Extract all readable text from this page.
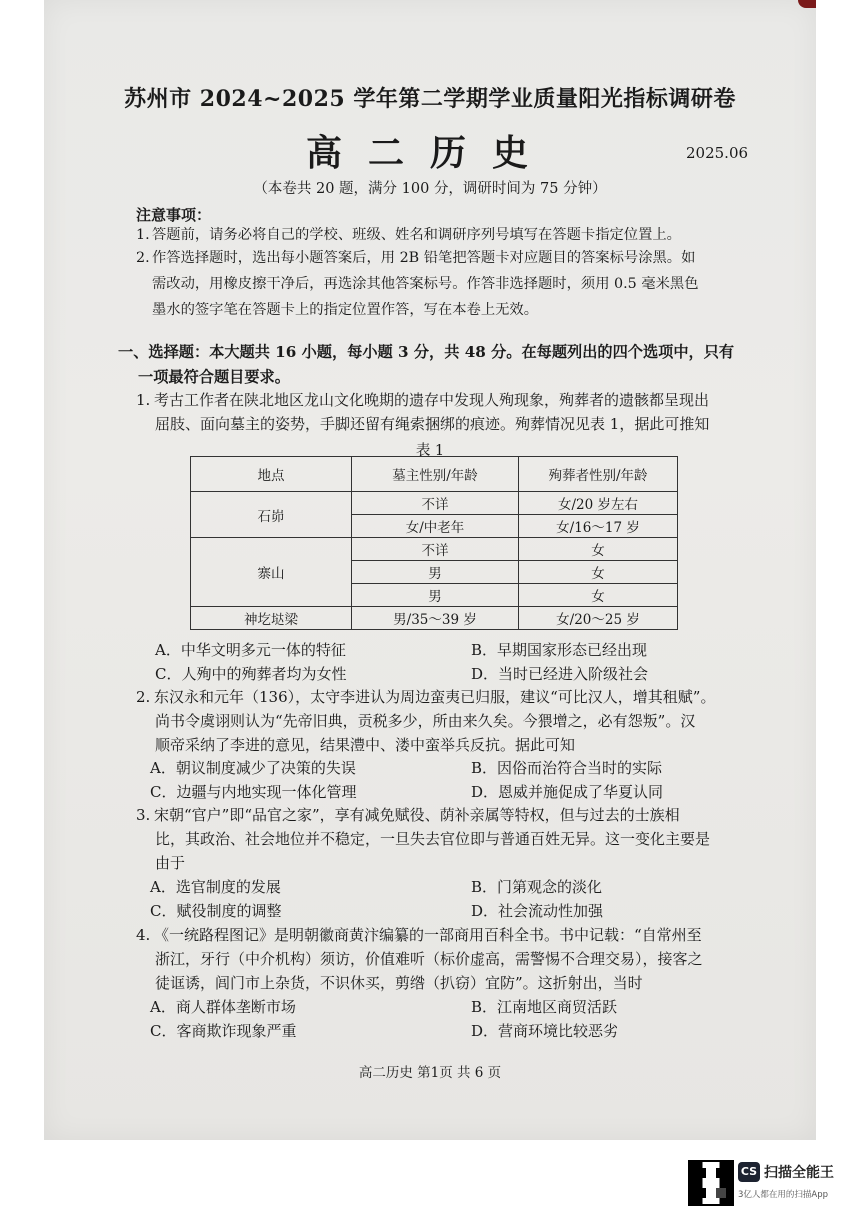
苏州市 2024~2025 学年第二学期学业质量阳光指标调研卷
高二历史	2025.06
（本卷共 20 题，满分 100 分，调研时间为 75 分钟）
注意事项：
1. 答题前，请务必将自己的学校、班级、姓名和调研序列号填写在答题卡指定位置上。
2. 作答选择题时，选出每小题答案后，用 2B 铅笔把答题卡对应题目的答案标号涂黑。如
需改动，用橡皮擦干净后，再选涂其他答案标号。作答非选择题时，须用 0.5 毫米黑色
墨水的签字笔在答题卡上的指定位置作答，写在本卷上无效。
一、选择题：本大题共 16 小题，每小题 3 分，共 48 分。在每题列出的四个选项中，只有
一项最符合题目要求。
1. 考古工作者在陕北地区龙山文化晚期的遗存中发现人殉现象，殉葬者的遗骸都呈现出
屈肢、面向墓主的姿势，手脚还留有绳索捆绑的痕迹。殉葬情况见表 1，据此可推知
表 1
地点	墓主性别/年龄	殉葬者性别/年龄
石峁	不详	女/20 岁左右
	女/中老年	女/16～17 岁
寨山	不详	女
	男	女
	男	女
神圪垯梁	男/35～39 岁	女/20～25 岁
A．中华文明多元一体的特征	B．早期国家形态已经出现
C．人殉中的殉葬者均为女性	D．当时已经进入阶级社会
2. 东汉永和元年（136），太守李进认为周边蛮夷已归服，建议“可比汉人，增其租赋”。
尚书令虞诩则认为“先帝旧典，贡税多少，所由来久矣。今猥增之，必有怨叛”。汉
顺帝采纳了李进的意见，结果澧中、溇中蛮举兵反抗。据此可知
A．朝议制度减少了决策的失误	B．因俗而治符合当时的实际
C．边疆与内地实现一体化管理	D．恩威并施促成了华夏认同
3. 宋朝“官户”即“品官之家”，享有减免赋役、荫补亲属等特权，但与过去的士族相
比，其政治、社会地位并不稳定，一旦失去官位即与普通百姓无异。这一变化主要是
由于
A．选官制度的发展	B．门第观念的淡化
C．赋役制度的调整	D．社会流动性加强
4. 《一统路程图记》是明朝徽商黄汴编纂的一部商用百科全书。书中记载：“自常州至
浙江，牙行（中介机构）须访，价值难听（标价虚高，需警惕不合理交易），接客之
徒诓诱，闾门市上杂货，不识休买，剪绺（扒窃）宜防”。这折射出，当时
A．商人群体垄断市场	B．江南地区商贸活跃
C．客商欺诈现象严重	D．营商环境比较恶劣
高二历史 第1页 共 6 页
CS 扫描全能王
3亿人都在用的扫描App
